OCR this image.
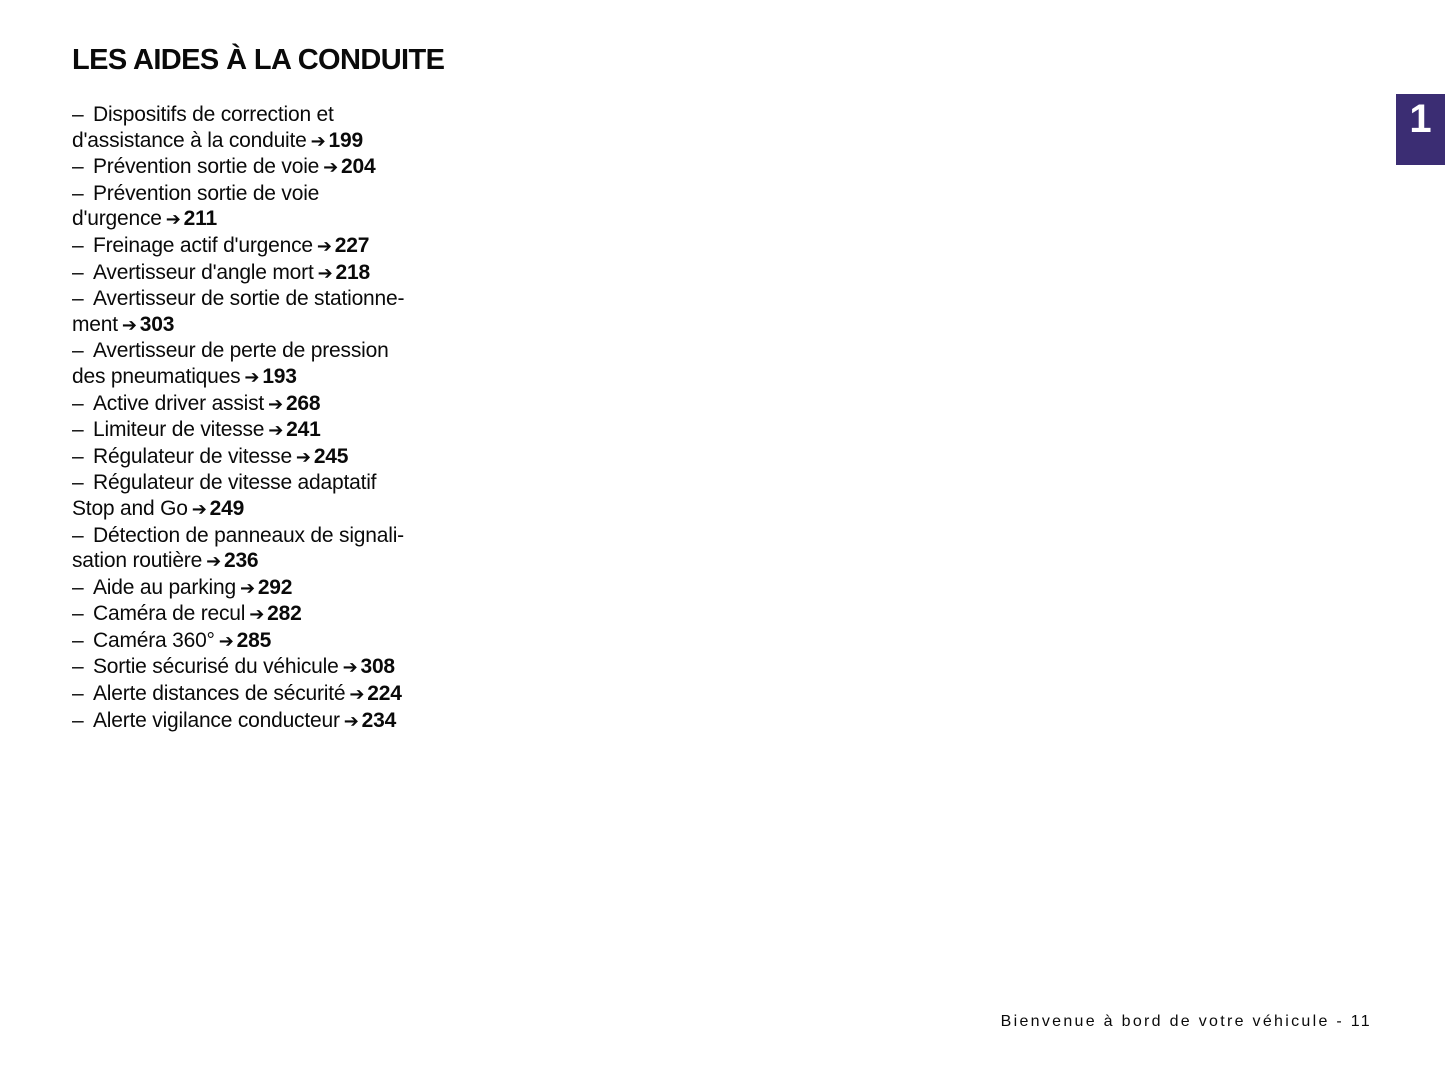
LES AIDES À LA CONDUITE
– Dispositifs de correction et
d'assistance à la conduite ➔ 199
– Prévention sortie de voie ➔ 204
– Prévention sortie de voie
d'urgence ➔ 211
– Freinage actif d'urgence ➔ 227
– Avertisseur d'angle mort ➔ 218
– Avertisseur de sortie de stationne-
ment ➔ 303
– Avertisseur de perte de pression
des pneumatiques ➔ 193
– Active driver assist ➔ 268
– Limiteur de vitesse ➔ 241
– Régulateur de vitesse ➔ 245
– Régulateur de vitesse adaptatif
Stop and Go ➔ 249
– Détection de panneaux de signali-
sation routière ➔ 236
– Aide au parking ➔ 292
– Caméra de recul ➔ 282
– Caméra 360° ➔ 285
– Sortie sécurisé du véhicule ➔ 308
– Alerte distances de sécurité ➔ 224
– Alerte vigilance conducteur ➔ 234
1
Bienvenue à bord de votre véhicule - 11
